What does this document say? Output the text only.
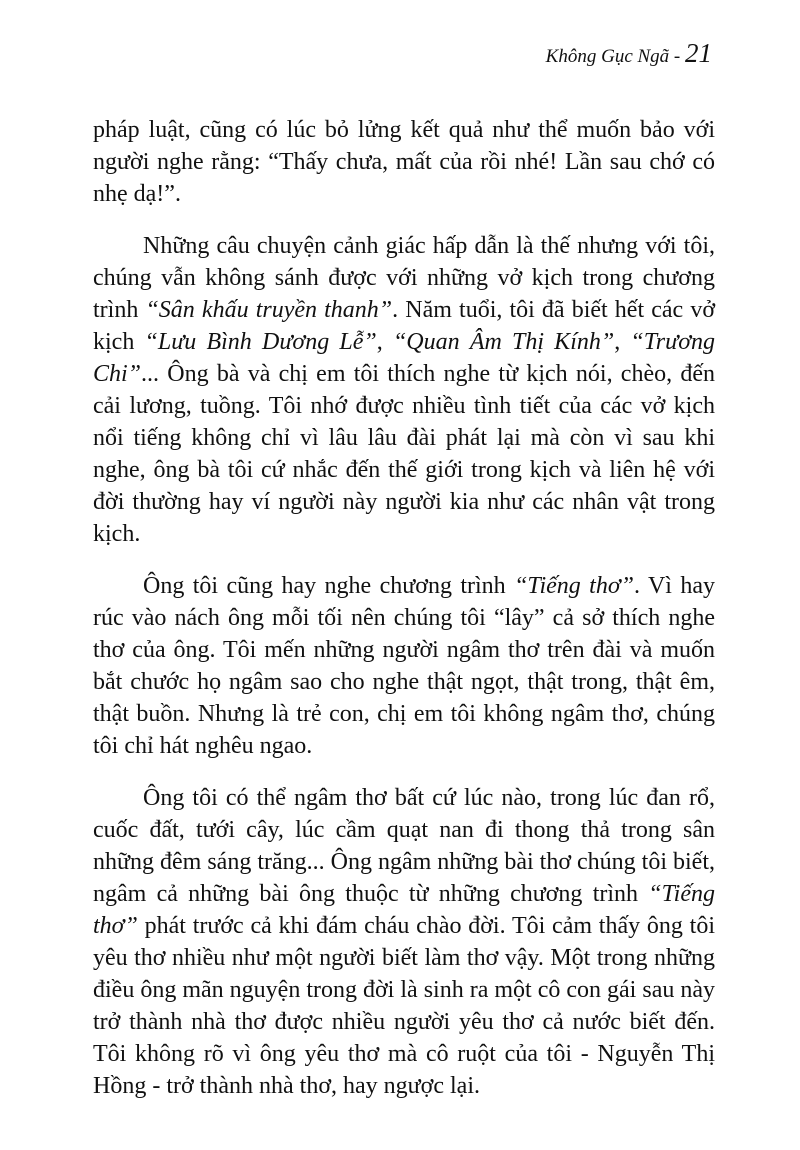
Không Gục Ngã - 21

pháp luật, cũng có lúc bỏ lửng kết quả như thể muốn bảo với người nghe rằng: “Thấy chưa, mất của rồi nhé! Lần sau chớ có nhẹ dạ!”.

Những câu chuyện cảnh giác hấp dẫn là thế nhưng với tôi, chúng vẫn không sánh được với những vở kịch trong chương trình “Sân khấu truyền thanh”. Năm tuổi, tôi đã biết hết các vở kịch “Lưu Bình Dương Lễ”, “Quan Âm Thị Kính”, “Trương Chi”... Ông bà và chị em tôi thích nghe từ kịch nói, chèo, đến cải lương, tuồng. Tôi nhớ được nhiều tình tiết của các vở kịch nổi tiếng không chỉ vì lâu lâu đài phát lại mà còn vì sau khi nghe, ông bà tôi cứ nhắc đến thế giới trong kịch và liên hệ với đời thường hay ví người này người kia như các nhân vật trong kịch.

Ông tôi cũng hay nghe chương trình “Tiếng thơ”. Vì hay rúc vào nách ông mỗi tối nên chúng tôi “lây” cả sở thích nghe thơ của ông. Tôi mến những người ngâm thơ trên đài và muốn bắt chước họ ngâm sao cho nghe thật ngọt, thật trong, thật êm, thật buồn. Nhưng là trẻ con, chị em tôi không ngâm thơ, chúng tôi chỉ hát nghêu ngao.

Ông tôi có thể ngâm thơ bất cứ lúc nào, trong lúc đan rổ, cuốc đất, tưới cây, lúc cầm quạt nan đi thong thả trong sân những đêm sáng trăng... Ông ngâm những bài thơ chúng tôi biết, ngâm cả những bài ông thuộc từ những chương trình “Tiếng thơ” phát trước cả khi đám cháu chào đời. Tôi cảm thấy ông tôi yêu thơ nhiều như một người biết làm thơ vậy. Một trong những điều ông mãn nguyện trong đời là sinh ra một cô con gái sau này trở thành nhà thơ được nhiều người yêu thơ cả nước biết đến. Tôi không rõ vì ông yêu thơ mà cô ruột của tôi - Nguyễn Thị Hồng - trở thành nhà thơ, hay ngược lại.
